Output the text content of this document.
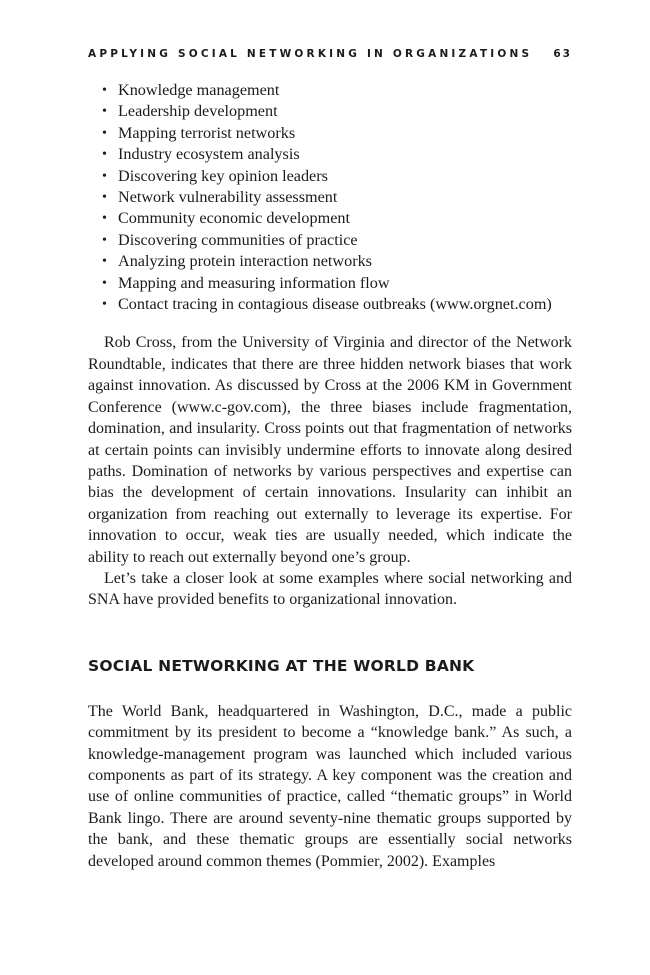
APPLYING SOCIAL NETWORKING IN ORGANIZATIONS 63
• Knowledge management
• Leadership development
• Mapping terrorist networks
• Industry ecosystem analysis
• Discovering key opinion leaders
• Network vulnerability assessment
• Community economic development
• Discovering communities of practice
• Analyzing protein interaction networks
• Mapping and measuring information flow
• Contact tracing in contagious disease outbreaks (www.orgnet.com)

Rob Cross, from the University of Virginia and director of the Network Roundtable, indicates that there are three hidden network biases that work against innovation. As discussed by Cross at the 2006 KM in Government Conference (www.c-gov.com), the three biases include fragmentation, domination, and insularity. Cross points out that fragmentation of networks at certain points can invisibly undermine efforts to innovate along desired paths. Domination of networks by various perspectives and expertise can bias the development of certain innovations. Insularity can inhibit an organization from reaching out externally to leverage its expertise. For innovation to occur, weak ties are usually needed, which indicate the ability to reach out externally beyond one’s group.

Let’s take a closer look at some examples where social networking and SNA have provided benefits to organizational innovation.

SOCIAL NETWORKING AT THE WORLD BANK

The World Bank, headquartered in Washington, D.C., made a public commitment by its president to become a “knowledge bank.” As such, a knowledge-management program was launched which included various components as part of its strategy. A key component was the creation and use of online communities of practice, called “thematic groups” in World Bank lingo. There are around seventy-nine thematic groups supported by the bank, and these thematic groups are essentially social networks developed around common themes (Pommier, 2002). Examples
